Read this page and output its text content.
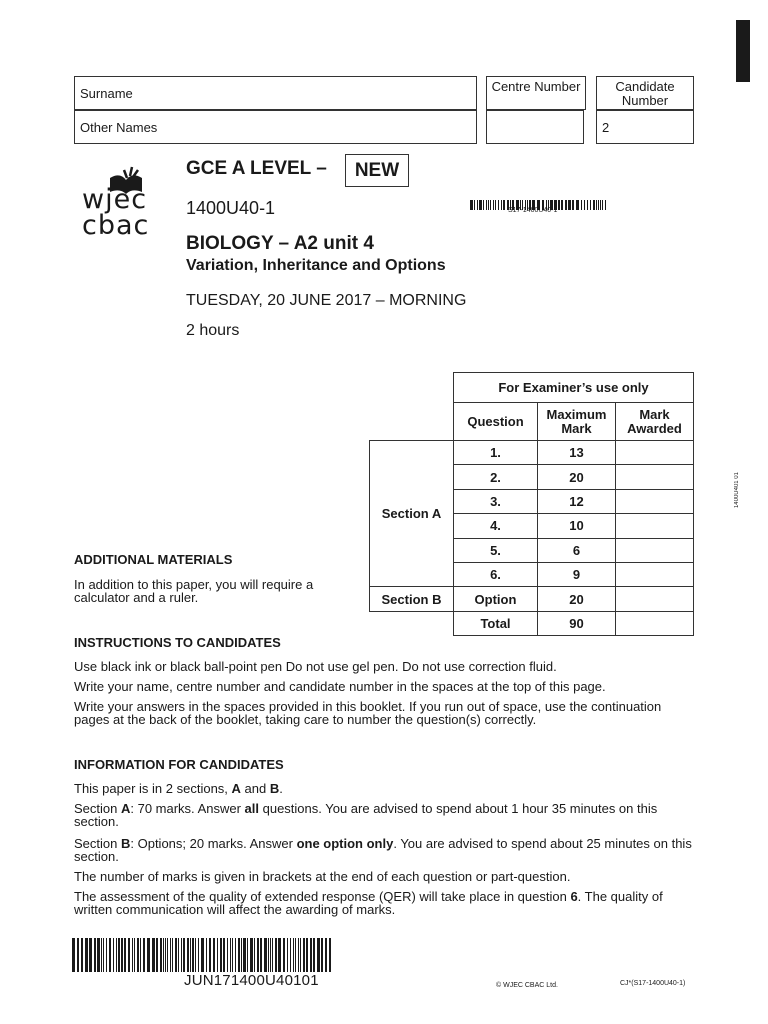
Surname
Other Names
Centre Number	Candidate Number
2
wjec
cbac
GCE A LEVEL –	NEW
1400U40-1	S17-1400U40-1
BIOLOGY – A2 unit 4
Variation, Inheritance and Options
TUESDAY, 20 JUNE 2017 – MORNING
2 hours
	For Examiner’s use only		
	Question	Maximum Mark	Mark Awarded
Section A	1.	13	
	2.	20	
	3.	12	
	4.	10	
	5.	6	
	6.	9	
Section B	Option	20	
	Total	90	
1400U401 01
ADDITIONAL MATERIALS
In addition to this paper, you will require a calculator and a ruler.
INSTRUCTIONS TO CANDIDATES
Use black ink or black ball-point pen Do not use gel pen. Do not use correction fluid.
Write your name, centre number and candidate number in the spaces at the top of this page.
Write your answers in the spaces provided in this booklet. If you run out of space, use the continuation pages at the back of the booklet, taking care to number the question(s) correctly.
INFORMATION FOR CANDIDATES
This paper is in 2 sections, A and B.
Section A: 70 marks. Answer all questions. You are advised to spend about 1 hour 35 minutes on this section.
Section B: Options; 20 marks. Answer one option only. You are advised to spend about 25 minutes on this section.
The number of marks is given in brackets at the end of each question or part-question.
The assessment of the quality of extended response (QER) will take place in question 6. The quality of written communication will affect the awarding of marks.
JUN171400U40101	© WJEC CBAC Ltd.	CJ*(S17-1400U40-1)
